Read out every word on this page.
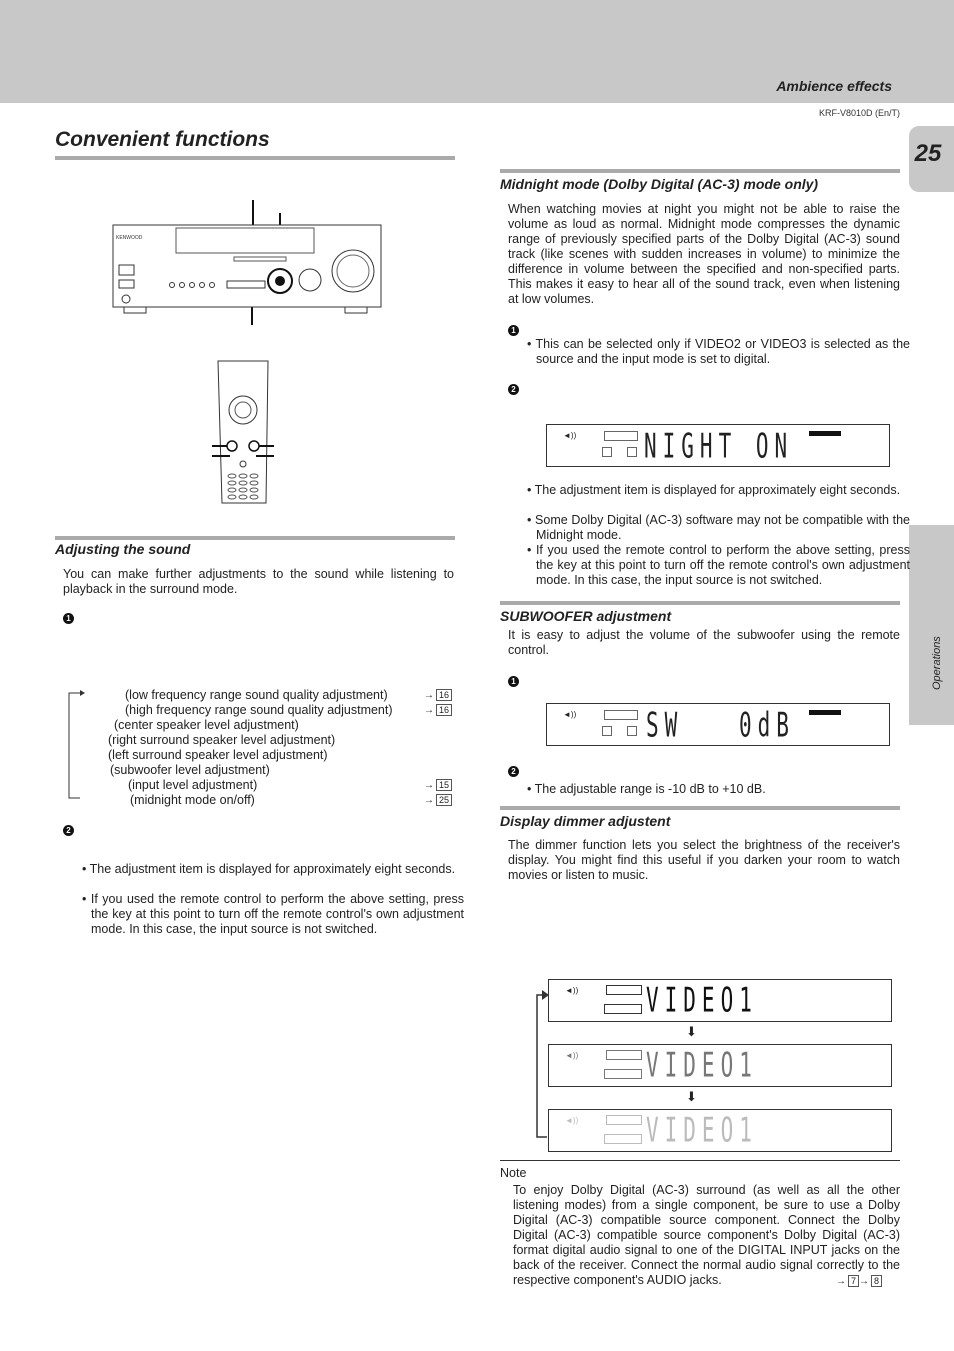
Ambience effects
KRF-V8010D (En/T)
25
Operations
Convenient functions
KENWOOD
Adjusting the sound

You can make further adjustments to the sound while listening to playback in the surround mode.

1
(low frequency range sound quality adjustment)	→ 16
(high frequency range sound quality adjustment)	→ 16
(center speaker level adjustment)
(right surround speaker level adjustment)
(left surround speaker level adjustment)
(subwoofer level adjustment)
(input level adjustment)	→ 15
(midnight mode on/off)	→ 25
2
• The adjustment item is displayed for approximately eight seconds.
• If you used the remote control to perform the above setting, press the key at this point to turn off the remote control's own adjustment mode. In this case, the input source is not switched.
Midnight mode (Dolby Digital (AC-3) mode only)

When watching movies at night you might not be able to raise the volume as loud as normal. Midnight mode compresses the dynamic range of previously specified parts of the Dolby Digital (AC-3) sound track (like scenes with sudden increases in volume) to minimize the difference in volume between the specified and non-specified parts. This makes it easy to hear all of the sound track, even when listening at low volumes.

1
• This can be selected only if VIDEO2 or VIDEO3 is selected as the source and the input mode is set to digital.
2
◄))	NIGHT ON
• The adjustment item is displayed for approximately eight seconds.
• Some Dolby Digital (AC-3) software may not be compatible with the Midnight mode.
• If you used the remote control to perform the above setting, press the key at this point to turn off the remote control's own adjustment mode. In this case, the input source is not switched.
SUBWOOFER adjustment

It is easy to adjust the volume of the subwoofer using the remote control.

1
◄))	SW	0dB
2
• The adjustable range is -10 dB to +10 dB.
Display dimmer adjustent

The dimmer function lets you select the brightness of the receiver's display. You might find this useful if you darken your room to watch movies or listen to music.

◄))	VIDEO1
⬇
◄))	VIDEO1
⬇
◄))	VIDEO1
Note

To enjoy Dolby Digital (AC-3) surround (as well as all the other listening modes) from a single component, be sure to use a Dolby Digital (AC-3) compatible source component. Connect the Dolby Digital (AC-3) compatible source component's Dolby Digital (AC-3) format digital audio signal to one of the DIGITAL INPUT jacks on the back of the receiver. Connect the normal audio signal correctly to the respective component's AUDIO jacks.	→ 7 → 8
